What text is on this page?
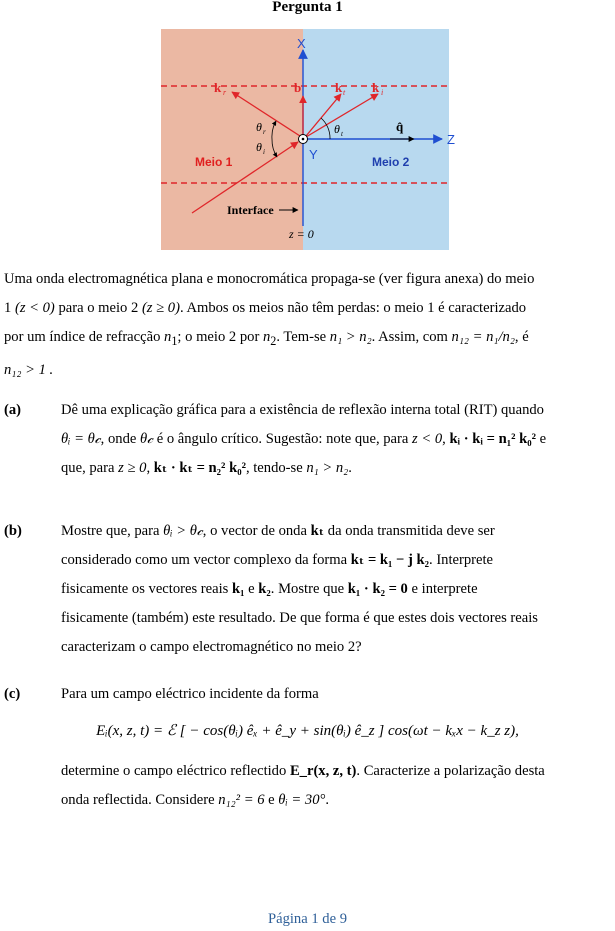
Pergunta 1
X
Z
Y
k r	b	k t k i
q̂
θ r
θ i
θ t
Meio 1	Meio 2
Interface
z = 0
Uma onda electromagnética plana e monocromática propaga-se (ver figura anexa) do meio
1 (z < 0) para o meio 2 (z ≥ 0). Ambos os meios não têm perdas: o meio 1 é caracterizado
por um índice de refracção $n_1$; o meio 2 por $n_2$. Tem-se n₁ > n₂. Assim, com n₁₂ = n₁/n₂, é
n₁₂ > 1 .
(a)	Dê uma explicação gráfica para a existência de reflexão interna total (RIT) quando
θᵢ = θ𝒸, onde θ𝒸 é o ângulo crítico. Sugestão: note que, para z < 0, kᵢ · kᵢ = n₁² k₀² e
que, para z ≥ 0, kₜ · kₜ = n₂² k₀², tendo-se n₁ > n₂.
(b)	Mostre que, para θᵢ > θ𝒸, o vector de onda kₜ da onda transmitida deve ser
considerado como um vector complexo da forma kₜ = k₁ − j k₂. Interprete
fisicamente os vectores reais k₁ e k₂. Mostre que k₁ · k₂ = 0 e interprete
fisicamente (também) este resultado. De que forma é que estes dois vectores reais
caracterizam o campo electromagnético no meio 2?
(c)	Para um campo eléctrico incidente da forma
Eᵢ(x, z, t) = ℰ [ − cos(θᵢ) êₓ + ê_y + sin(θᵢ) ê_z ] cos(ωt − kₓx − k_z z),
determine o campo eléctrico reflectido E_r(x, z, t). Caracterize a polarização desta
onda reflectida. Considere n₁₂² = 6 e θᵢ = 30°.
Página 1 de 9
